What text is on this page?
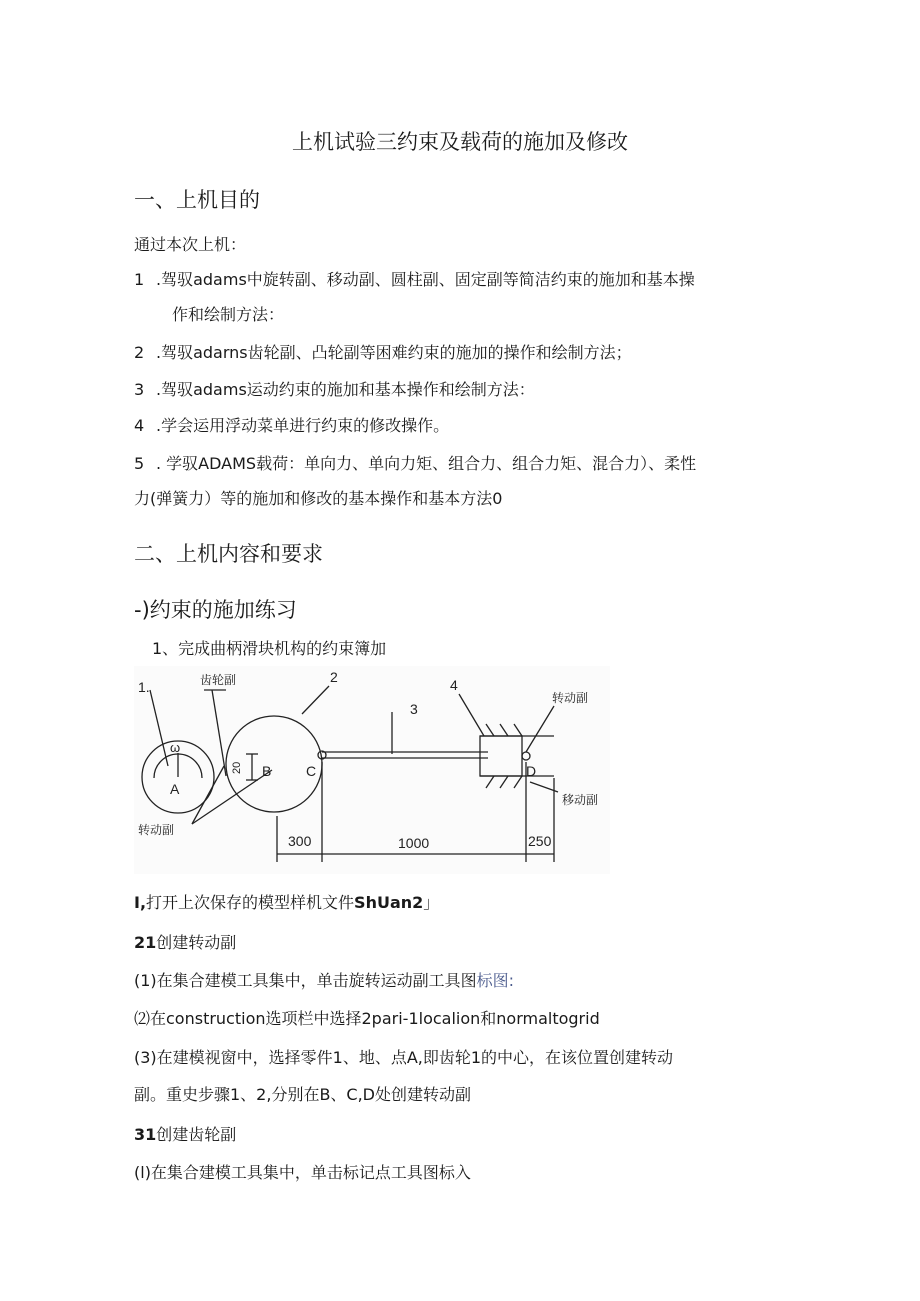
上机试验三约束及载荷的施加及修改
一、上机目的
通过本次上机：
1 .驾驭adams中旋转副、移动副、圆柱副、固定副等简洁约束的施加和基本操
作和绘制方法：
2 .驾驭adarns齿轮副、凸轮副等困难约束的施加的操作和绘制方法；
3 .驾驭adams运动约束的施加和基本操作和绘制方法：
4 .学会运用浮动菜单进行约束的修改操作。
5 . 学驭ADAMS载荷：单向力、单向力矩、组合力、组合力矩、混合力）、柔性
力(弹簧力）等的施加和修改的基本操作和基本方法0
二、上机内容和要求
-)约束的施加练习
1、完成曲柄滑块机构的约束簿加
1.	齿轮副	2
3
4
转动副
移动副
转动副
ω
A
B C	D
20
300	1000	250
I,打开上次保存的模型样机文件ShUan2」
21创建转动副
(1)在集合建模工具集中，单击旋转运动副工具图标图:
⑵在construction选项栏中选择2pari-1localion和normaltogrid
(3)在建模视窗中，选择零件1、地、点A,即齿轮1的中心，在该位置创建转动
副。重史步骤1、2,分别在B、C,D处创建转动副
31创建齿轮副
(l)在集合建模工具集中，单击标记点工具图标入
